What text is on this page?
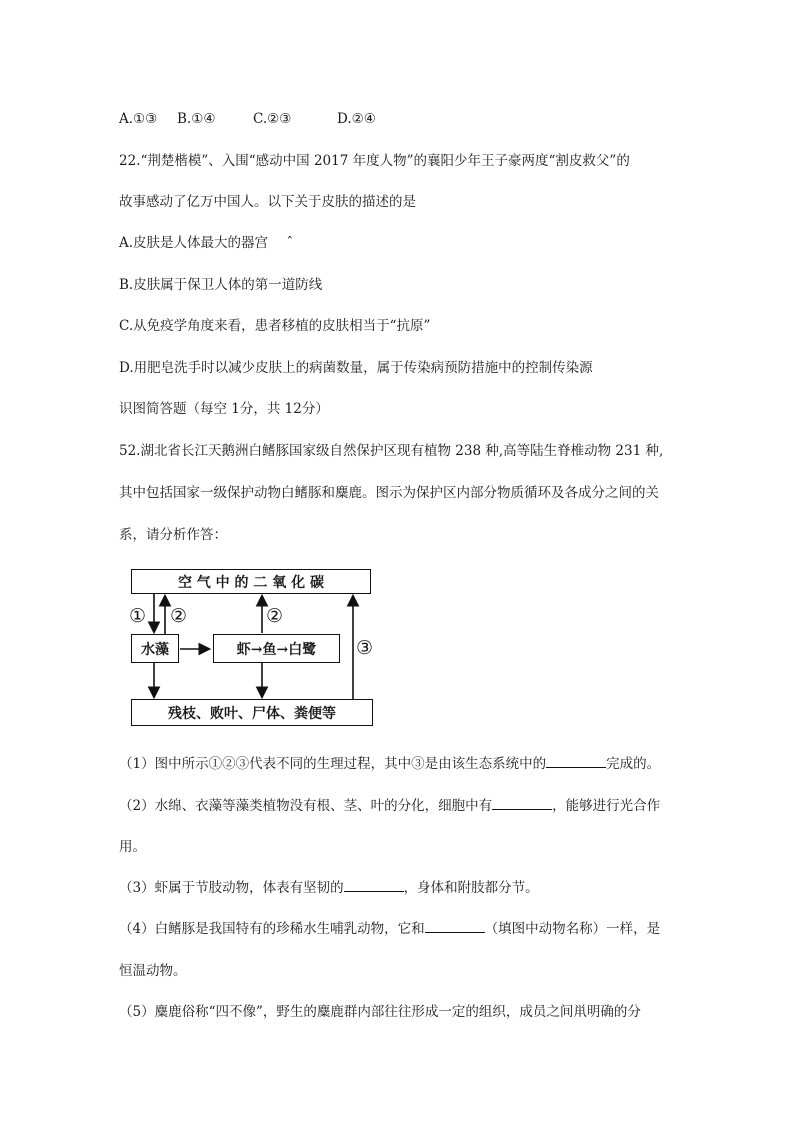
A.①③ B.①④	C.②③	D.②④
22.“荆楚楷模”、入围“感动中国 2017 年度人物”的襄阳少年王子豪两度“割皮救父”的
故事感动了亿万中国人。以下关于皮肤的描述的是
A.皮肤是人体最大的器宫 ˆ
B.皮肤属于保卫人体的第一道防线
C.从免疫学角度来看，患者移植的皮肤相当于“抗原”
D.用肥皂洗手时以减少皮肤上的病菌数量，属于传染病预防措施中的控制传染源
识图简答题（每空 1分，共 12分）
52.湖北省长江天鹅洲白鳍豚国家级自然保护区现有植物 238 种,高等陆生脊椎动物 231 种,
其中包括国家一级保护动物白鳍豚和麋鹿。图示为保护区内部分物质循环及各成分之间的关
系，请分析作答：
空 气 中 的 二 氧 化 碳
水藻	虾→鱼→白鹭
残枝、败叶、尸体、粪便等
① ②	②
③
（1）图中所示①②③代表不同的生理过程，其中③是由该生态系统中的	完成的。
（2）水绵、衣藻等藻类植物没有根、茎、叶的分化，细胞中有	，能够进行光合作
用。
（3）虾属于节肢动物，体表有坚韧的	，身体和附肢都分节。
（4）白鳍豚是我国特有的珍稀水生哺乳动物，它和	（填图中动物名称）一样，是
恒温动物。
（5）麋鹿俗称“四不像”，野生的麋鹿群内部往往形成一定的组织，成员之间鼡明确的分
